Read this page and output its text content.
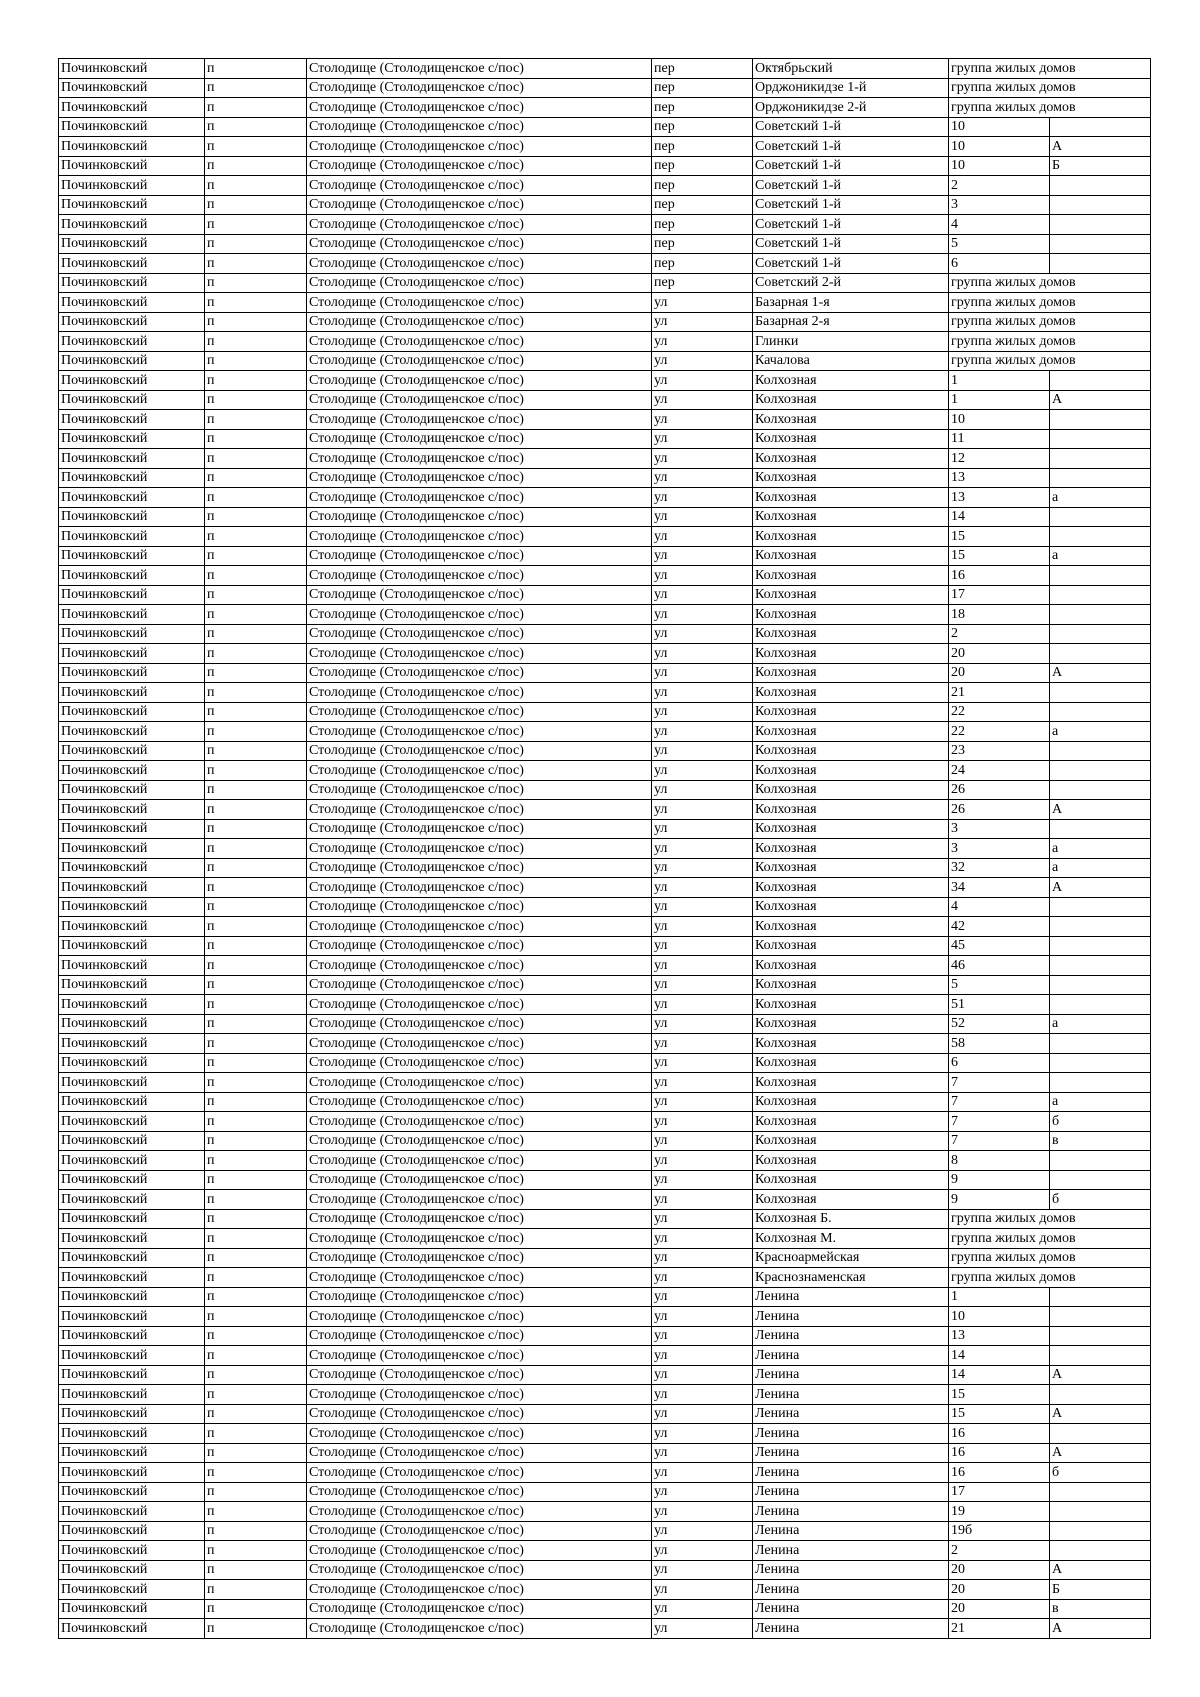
Починковский	п	Столодище (Столодищенское с/пос)	пер	Октябрьский	группа жилых домов	
Починковский	п	Столодище (Столодищенское с/пос)	пер	Орджоникидзе 1-й	группа жилых домов	
Починковский	п	Столодище (Столодищенское с/пос)	пер	Орджоникидзе 2-й	группа жилых домов	
Починковский	п	Столодище (Столодищенское с/пос)	пер	Советский 1-й	10	
Починковский	п	Столодище (Столодищенское с/пос)	пер	Советский 1-й	10	А
Починковский	п	Столодище (Столодищенское с/пос)	пер	Советский 1-й	10	Б
Починковский	п	Столодище (Столодищенское с/пос)	пер	Советский 1-й	2	
Починковский	п	Столодище (Столодищенское с/пос)	пер	Советский 1-й	3	
Починковский	п	Столодище (Столодищенское с/пос)	пер	Советский 1-й	4	
Починковский	п	Столодище (Столодищенское с/пос)	пер	Советский 1-й	5	
Починковский	п	Столодище (Столодищенское с/пос)	пер	Советский 1-й	6	
Починковский	п	Столодище (Столодищенское с/пос)	пер	Советский 2-й	группа жилых домов	
Починковский	п	Столодище (Столодищенское с/пос)	ул	Базарная 1-я	группа жилых домов	
Починковский	п	Столодище (Столодищенское с/пос)	ул	Базарная 2-я	группа жилых домов	
Починковский	п	Столодище (Столодищенское с/пос)	ул	Глинки	группа жилых домов	
Починковский	п	Столодище (Столодищенское с/пос)	ул	Качалова	группа жилых домов	
Починковский	п	Столодище (Столодищенское с/пос)	ул	Колхозная	1	
Починковский	п	Столодище (Столодищенское с/пос)	ул	Колхозная	1	А
Починковский	п	Столодище (Столодищенское с/пос)	ул	Колхозная	10	
Починковский	п	Столодище (Столодищенское с/пос)	ул	Колхозная	11	
Починковский	п	Столодище (Столодищенское с/пос)	ул	Колхозная	12	
Починковский	п	Столодище (Столодищенское с/пос)	ул	Колхозная	13	
Починковский	п	Столодище (Столодищенское с/пос)	ул	Колхозная	13	а
Починковский	п	Столодище (Столодищенское с/пос)	ул	Колхозная	14	
Починковский	п	Столодище (Столодищенское с/пос)	ул	Колхозная	15	
Починковский	п	Столодище (Столодищенское с/пос)	ул	Колхозная	15	а
Починковский	п	Столодище (Столодищенское с/пос)	ул	Колхозная	16	
Починковский	п	Столодище (Столодищенское с/пос)	ул	Колхозная	17	
Починковский	п	Столодище (Столодищенское с/пос)	ул	Колхозная	18	
Починковский	п	Столодище (Столодищенское с/пос)	ул	Колхозная	2	
Починковский	п	Столодище (Столодищенское с/пос)	ул	Колхозная	20	
Починковский	п	Столодище (Столодищенское с/пос)	ул	Колхозная	20	А
Починковский	п	Столодище (Столодищенское с/пос)	ул	Колхозная	21	
Починковский	п	Столодище (Столодищенское с/пос)	ул	Колхозная	22	
Починковский	п	Столодище (Столодищенское с/пос)	ул	Колхозная	22	а
Починковский	п	Столодище (Столодищенское с/пос)	ул	Колхозная	23	
Починковский	п	Столодище (Столодищенское с/пос)	ул	Колхозная	24	
Починковский	п	Столодище (Столодищенское с/пос)	ул	Колхозная	26	
Починковский	п	Столодище (Столодищенское с/пос)	ул	Колхозная	26	А
Починковский	п	Столодище (Столодищенское с/пос)	ул	Колхозная	3	
Починковский	п	Столодище (Столодищенское с/пос)	ул	Колхозная	3	а
Починковский	п	Столодище (Столодищенское с/пос)	ул	Колхозная	32	а
Починковский	п	Столодище (Столодищенское с/пос)	ул	Колхозная	34	А
Починковский	п	Столодище (Столодищенское с/пос)	ул	Колхозная	4	
Починковский	п	Столодище (Столодищенское с/пос)	ул	Колхозная	42	
Починковский	п	Столодище (Столодищенское с/пос)	ул	Колхозная	45	
Починковский	п	Столодище (Столодищенское с/пос)	ул	Колхозная	46	
Починковский	п	Столодище (Столодищенское с/пос)	ул	Колхозная	5	
Починковский	п	Столодище (Столодищенское с/пос)	ул	Колхозная	51	
Починковский	п	Столодище (Столодищенское с/пос)	ул	Колхозная	52	а
Починковский	п	Столодище (Столодищенское с/пос)	ул	Колхозная	58	
Починковский	п	Столодище (Столодищенское с/пос)	ул	Колхозная	6	
Починковский	п	Столодище (Столодищенское с/пос)	ул	Колхозная	7	
Починковский	п	Столодище (Столодищенское с/пос)	ул	Колхозная	7	а
Починковский	п	Столодище (Столодищенское с/пос)	ул	Колхозная	7	б
Починковский	п	Столодище (Столодищенское с/пос)	ул	Колхозная	7	в
Починковский	п	Столодище (Столодищенское с/пос)	ул	Колхозная	8	
Починковский	п	Столодище (Столодищенское с/пос)	ул	Колхозная	9	
Починковский	п	Столодище (Столодищенское с/пос)	ул	Колхозная	9	б
Починковский	п	Столодище (Столодищенское с/пос)	ул	Колхозная Б.	группа жилых домов	
Починковский	п	Столодище (Столодищенское с/пос)	ул	Колхозная М.	группа жилых домов	
Починковский	п	Столодище (Столодищенское с/пос)	ул	Красноармейская	группа жилых домов	
Починковский	п	Столодище (Столодищенское с/пос)	ул	Краснознаменская	группа жилых домов	
Починковский	п	Столодище (Столодищенское с/пос)	ул	Ленина	1	
Починковский	п	Столодище (Столодищенское с/пос)	ул	Ленина	10	
Починковский	п	Столодище (Столодищенское с/пос)	ул	Ленина	13	
Починковский	п	Столодище (Столодищенское с/пос)	ул	Ленина	14	
Починковский	п	Столодище (Столодищенское с/пос)	ул	Ленина	14	А
Починковский	п	Столодище (Столодищенское с/пос)	ул	Ленина	15	
Починковский	п	Столодище (Столодищенское с/пос)	ул	Ленина	15	А
Починковский	п	Столодище (Столодищенское с/пос)	ул	Ленина	16	
Починковский	п	Столодище (Столодищенское с/пос)	ул	Ленина	16	А
Починковский	п	Столодище (Столодищенское с/пос)	ул	Ленина	16	б
Починковский	п	Столодище (Столодищенское с/пос)	ул	Ленина	17	
Починковский	п	Столодище (Столодищенское с/пос)	ул	Ленина	19	
Починковский	п	Столодище (Столодищенское с/пос)	ул	Ленина	19б	
Починковский	п	Столодище (Столодищенское с/пос)	ул	Ленина	2	
Починковский	п	Столодище (Столодищенское с/пос)	ул	Ленина	20	А
Починковский	п	Столодище (Столодищенское с/пос)	ул	Ленина	20	Б
Починковский	п	Столодище (Столодищенское с/пос)	ул	Ленина	20	в
Починковский	п	Столодище (Столодищенское с/пос)	ул	Ленина	21	А
